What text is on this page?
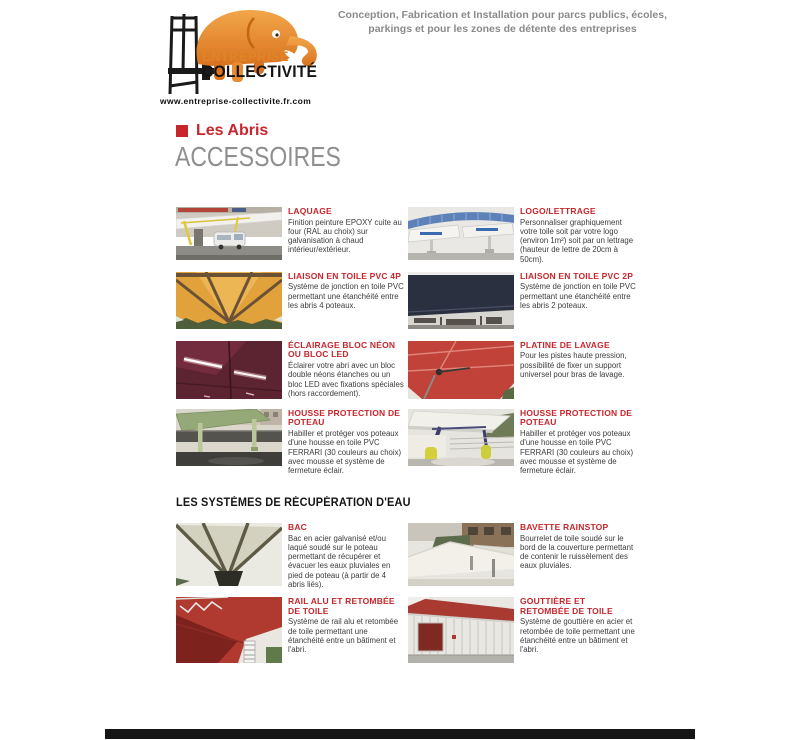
ENTREPRISE
COLLECTIVITÉ
www.entreprise-collectivite.fr.com
Conception, Fabrication et Installation pour parcs publics, écoles,
parkings et pour les zones de détente des entreprises
Les Abris
ACCESSOIRES
LAQUAGE
Finition peinture EPOXY cuite au four (RAL au choix) sur galvanisation à chaud intérieur/extérieur.
LOGO/LETTRAGE
Personnaliser graphiquement votre toile soit par votre logo (environ 1m²) soit par un lettrage (hauteur de lettre de 20cm à 50cm).
LIAISON EN TOILE PVC 4P
Système de jonction en toile PVC permettant une étanchéité entre les abris 4 poteaux.
LIAISON EN TOILE PVC 2P
Système de jonction en toile PVC permettant une étanchéité entre les abris 2 poteaux.
ÉCLAIRAGE BLOC NÉON OU BLOC LED
Éclairer votre abri avec un bloc double néons étanches ou un bloc LED avec fixations spéciales (hors raccordement).
PLATINE DE LAVAGE
Pour les pistes haute pression, possibilité de fixer un support universel pour bras de lavage.
HOUSSE PROTECTION DE POTEAU
Habiller et protéger vos poteaux d'une housse en toile PVC FERRARI (30 couleurs au choix) avec mousse et système de fermeture éclair.
HOUSSE PROTECTION DE POTEAU
Habiller et protéger vos poteaux d'une housse en toile PVC FERRARI (30 couleurs au choix) avec mousse et système de fermeture éclair.
LES SYSTÈMES DE RÉCUPÉRATION D'EAU
BAC
Bac en acier galvanisé et/ou laqué soudé sur le poteau permettant de récupérer et évacuer les eaux pluviales en pied de poteau (à partir de 4 abris liés).
BAVETTE RAINSTOP
Bourrelet de toile soudé sur le bord de la couverture permettant de contenir le ruissèlement des eaux pluviales.
RAIL ALU ET RETOMBÉE DE TOILE
Système de rail alu et retombée de toile permettant une étanchéité entre un bâtiment et l'abri.
GOUTTIÈRE ET RETOMBÉE DE TOILE
Système de gouttière en acier et retombée de toile permettant une étanchéité entre un bâtiment et l'abri.
